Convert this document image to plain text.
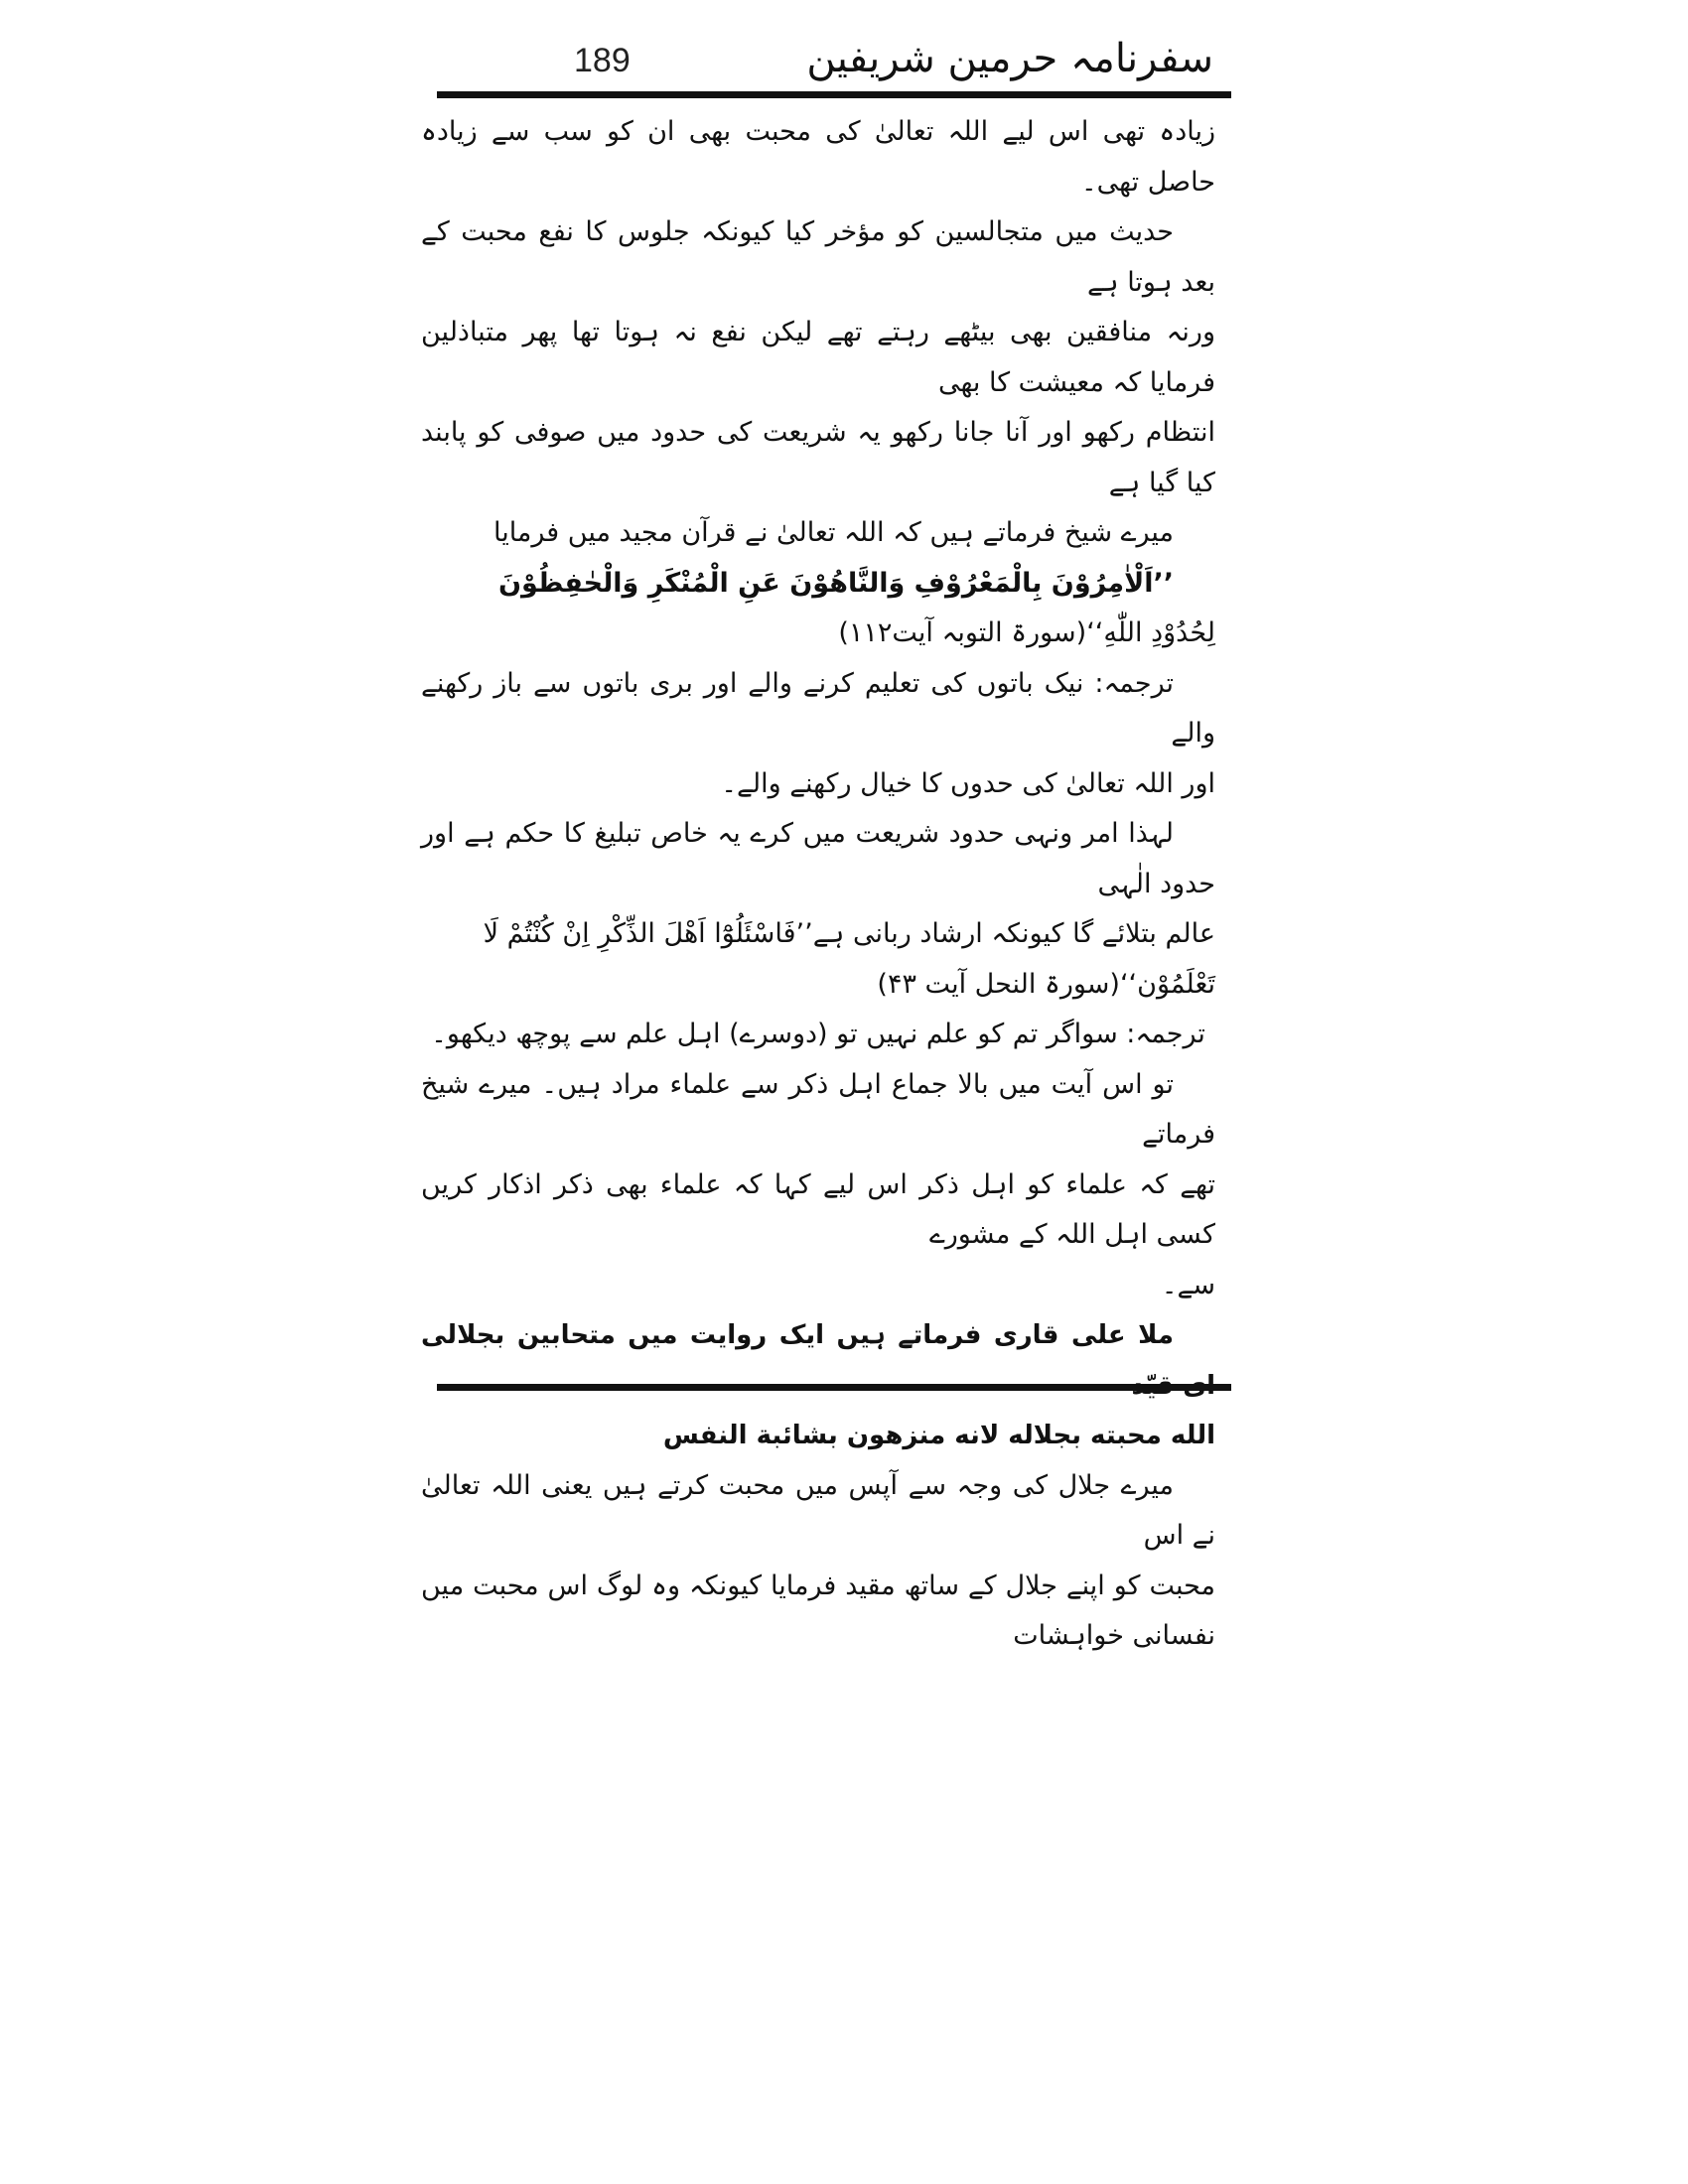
189	سفرنامہ حرمین شریفین

زیادہ تھی اس لیے اللہ تعالیٰ کی محبت بھی ان کو سب سے زیادہ حاصل تھی۔

حدیث میں متجالسین کو مؤخر کیا کیونکہ جلوس کا نفع محبت کے بعد ہوتا ہے

ورنہ منافقین بھی بیٹھے رہتے تھے لیکن نفع نہ ہوتا تھا پھر متباذلین فرمایا کہ معیشت کا بھی

انتظام رکھو اور آنا جانا رکھو یہ شریعت کی حدود میں صوفی کو پابند کیا گیا ہے

میرے شیخ فرماتے ہیں کہ اللہ تعالیٰ نے قرآن مجید میں فرمایا

’’اَلْاٰمِرُوْنَ بِالْمَعْرُوْفِ وَالنَّاهُوْنَ عَنِ الْمُنْكَرِ وَالْحٰفِظُوْنَ

لِحُدُوْدِ اللّٰهِ‘‘(سورۃ التوبہ آیت۱۱۲)

ترجمہ: نیک باتوں کی تعلیم کرنے والے اور بری باتوں سے باز رکھنے والے

اور اللہ تعالیٰ کی حدوں کا خیال رکھنے والے۔

لہذا امر ونہی حدود شریعت میں کرے یہ خاص تبلیغ کا حکم ہے اور حدود الٰہی

عالم بتلائے گا کیونکہ ارشاد ربانی ہے’’فَاسْئَلُوْٓا اَهْلَ الذِّكْرِ اِنْ كُنْتُمْ لَا

تَعْلَمُوْن‘‘(سورۃ النحل آیت ۴۳)

ترجمہ: سواگر تم کو علم نہیں تو (دوسرے) اہل علم سے پوچھ دیکھو۔

تو اس آیت میں بالا جماع اہل ذکر سے علماء مراد ہیں۔ میرے شیخ فرماتے

تھے کہ علماء کو اہل ذکر اس لیے کہا کہ علماء بھی ذکر اذکار کریں کسی اہل اللہ کے مشورے

سے۔

ملا علی قاری فرماتے ہیں ایک روایت میں متحابین بجلالی

الله محبته بجلاله لانه منزهون بشائبة النفس

میرے جلال کی وجہ سے آپس میں محبت کرتے ہیں یعنی اللہ تعالیٰ نے اس

محبت کو اپنے جلال کے ساتھ مقید فرمایا کیونکہ وہ لوگ اس محبت میں نفسانی خواہشات
